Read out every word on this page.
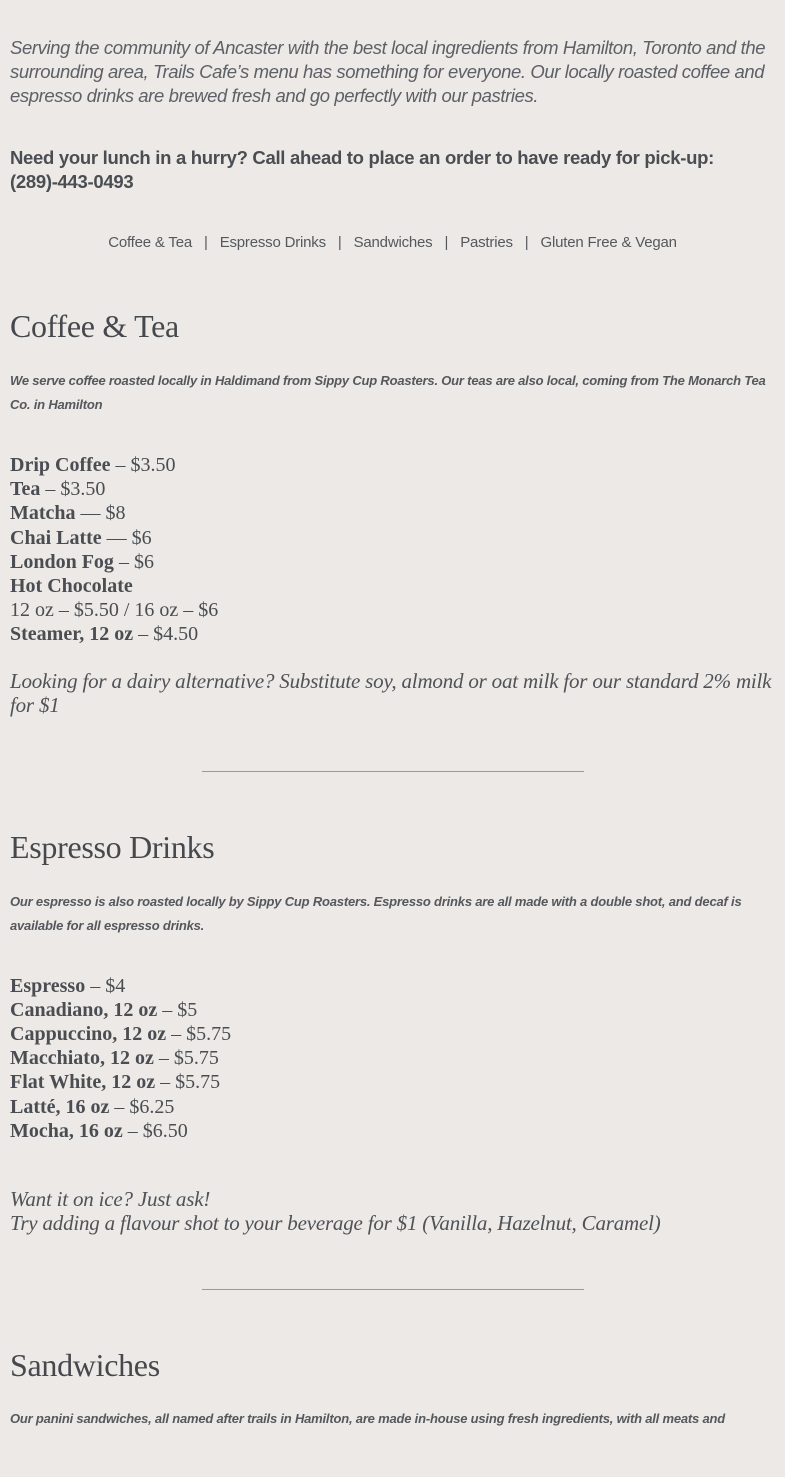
Serving the community of Ancaster with the best local ingredients from Hamilton, Toronto and the surrounding area, Trails Cafe’s menu has something for everyone. Our locally roasted coffee and espresso drinks are brewed fresh and go perfectly with our pastries.

Need your lunch in a hurry? Call ahead to place an order to have ready for pick-up: (289)-443-0493

Coffee & Tea | Espresso Drinks | Sandwiches | Pastries | Gluten Free & Vegan
Coffee & Tea

We serve coffee roasted locally in Haldimand from Sippy Cup Roasters. Our teas are also local, coming from The Monarch Tea Co. in Hamilton

Drip Coffee – $3.50
Tea – $3.50
Matcha — $8
Chai Latte — $6
London Fog – $6
Hot Chocolate
12 oz – $5.50 / 16 oz – $6
Steamer, 12 oz – $4.50

Looking for a dairy alternative? Substitute soy, almond or oat milk for our standard 2% milk for $1

Espresso Drinks

Our espresso is also roasted locally by Sippy Cup Roasters. Espresso drinks are all made with a double shot, and decaf is available for all espresso drinks.

Espresso – $4
Canadiano, 12 oz – $5
Cappuccino, 12 oz – $5.75
Macchiato, 12 oz – $5.75
Flat White, 12 oz – $5.75
Latté, 16 oz – $6.25
Mocha, 16 oz – $6.50

Want it on ice? Just ask!
Try adding a flavour shot to your beverage for $1 (Vanilla, Hazelnut, Caramel)

Sandwiches

Our panini sandwiches, all named after trails in Hamilton, are made in-house using fresh ingredients, with all meats and
